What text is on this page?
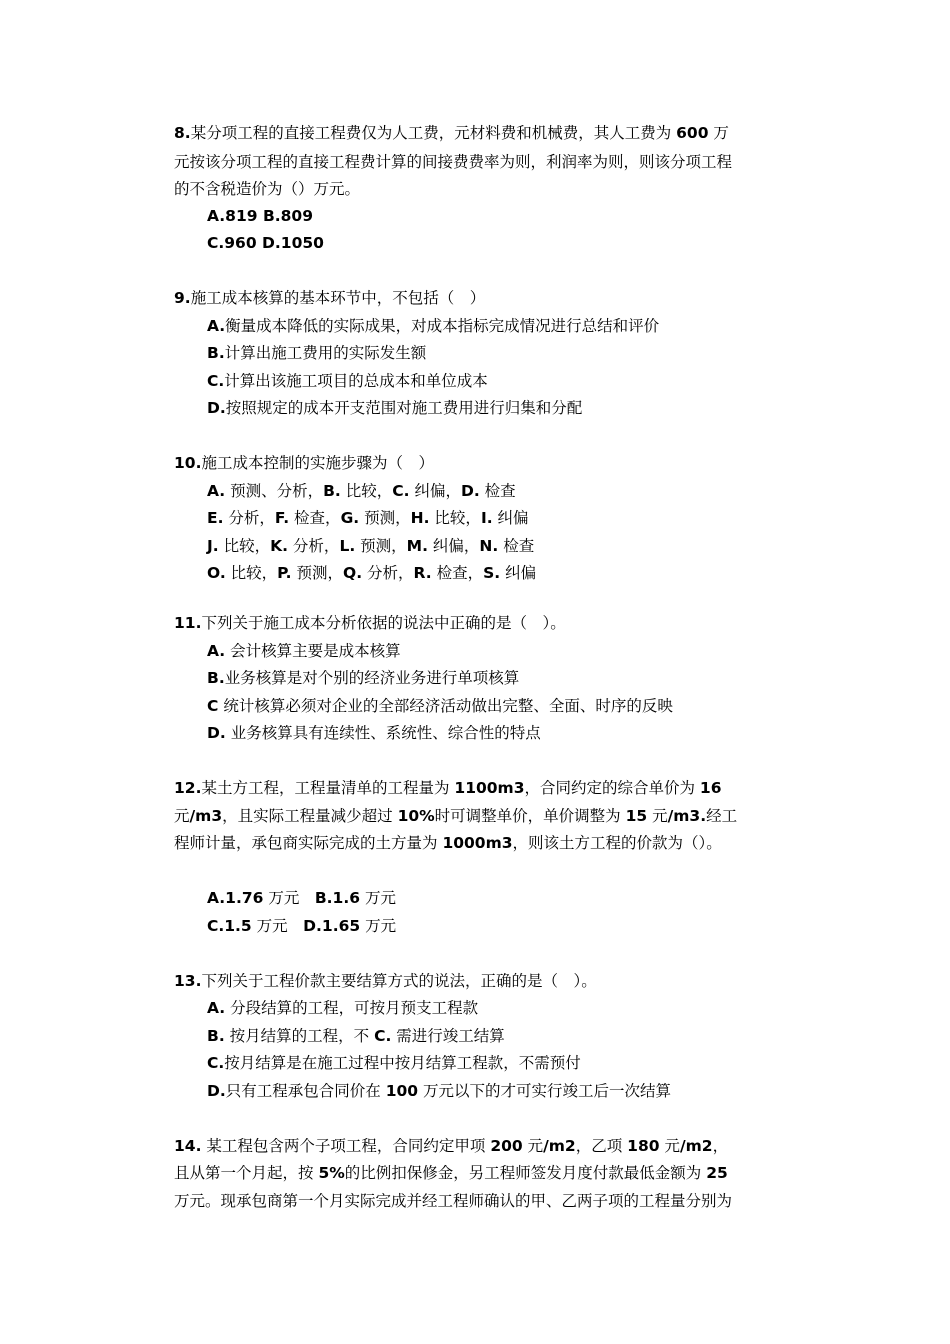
8.某分项工程的直接工程费仅为人工费，元材料费和机械费，其人工费为 600 万
元按该分项工程的直接工程费计算的间接费费率为则，利润率为则，则该分项工程
的不含税造价为（）万元。
A.819 B.809
C.960 D.1050
9.施工成本核算的基本环节中，不包括（　）
A.衡量成本降低的实际成果，对成本指标完成情况进行总结和评价
B.计算出施工费用的实际发生额
C.计算出该施工项目的总成本和单位成本
D.按照规定的成本开支范围对施工费用进行归集和分配
10.施工成本控制的实施步骤为（　）
A. 预测、分析，B. 比较，C. 纠偏，D. 检查
E. 分析，F. 检查，G. 预测，H. 比较，I. 纠偏
J. 比较，K. 分析，L. 预测，M. 纠偏，N. 检查
O. 比较，P. 预测，Q. 分析，R. 检查，S. 纠偏
11.下列关于施工成本分析依据的说法中正确的是（　）。
A. 会计核算主要是成本核算
B.业务核算是对个别的经济业务进行单项核算
C 统计核算必须对企业的全部经济活动做出完整、全面、时序的反映
D. 业务核算具有连续性、系统性、综合性的特点
12.某土方工程，工程量清单的工程量为 1100m3，合同约定的综合单价为 16
元/m3，且实际工程量减少超过 10%时可调整单价，单价调整为 15 元/m3.经工
程师计量，承包商实际完成的土方量为 1000m3，则该土方工程的价款为（）。
A.1.76 万元　B.1.6 万元
C.1.5 万元　D.1.65 万元
13.下列关于工程价款主要结算方式的说法，正确的是（　）。
A. 分段结算的工程，可按月预支工程款
B. 按月结算的工程，不 C. 需进行竣工结算
C.按月结算是在施工过程中按月结算工程款，不需预付
D.只有工程承包合同价在 100 万元以下的才可实行竣工后一次结算
14. 某工程包含两个子项工程，合同约定甲项 200 元/m2，乙项 180 元/m2，
且从第一个月起，按 5%的比例扣保修金，另工程师签发月度付款最低金额为 25
万元。现承包商第一个月实际完成并经工程师确认的甲、乙两子项的工程量分别为
